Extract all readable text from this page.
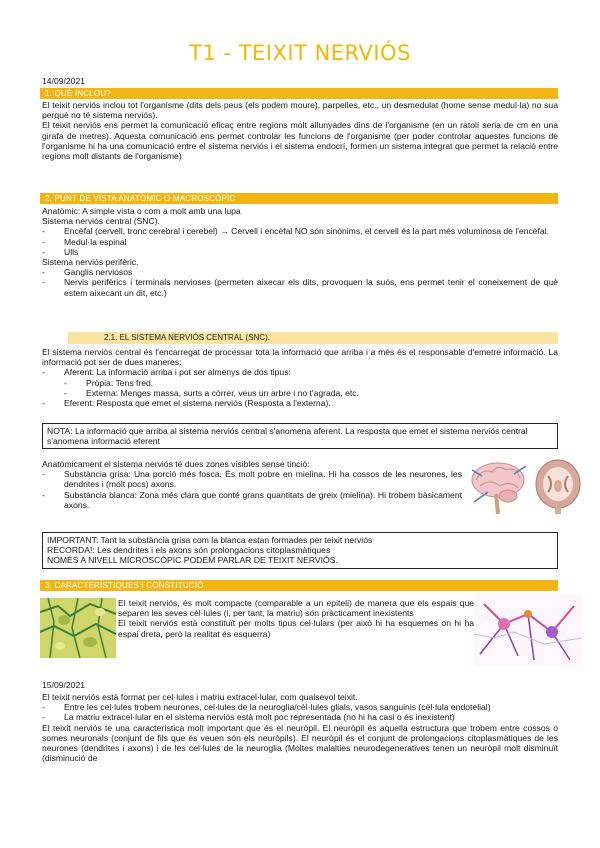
T1 - TEIXIT NERVIÓS
14/09/2021
1. QUÈ INCLOU?

El teixit nerviós inclou tot l'organisme (dits dels peus (els podem moure), parpelles, etc., un desmedulat (home sense medul·la) no sua perquè no té sistema nerviós).

El teixit nerviós ens permet la comunicació eficaç entre regions molt allunyades dins de l'organisme (en un ratolí seria de cm en una girafa de metres). Aquesta comunicació ens permet controlar les funcions de l'organisme (per poder controlar aquestes funcions de l'organisme hi ha una comunicació entre el sistema nerviós i el sistema endocrí, formen un sistema integrat que permet la relació entre regions molt distants de l'organisme)

2. PUNT DE VISTA ANATÒMIC O MACROSCÒPIC

Anatòmic: A simple vista o com a molt amb una lupa

Sistema nerviós central (SNC).

- Encèfal (cervell, tronc cerebral i cerebel) → Cervell i encèfal NO són sinònims, el cervell és la part més voluminosa de l'encèfal.

- Medul·la espinal

- Ulls

Sistema nerviós perifèric.

- Ganglis nerviosos

- Nervis perifèrics i terminals nervioses (permeten aixecar els dits, provoquen la suós, ens permet tenir el coneixement de què estem aixecant un dit, etc.)

2.1. EL SISTEMA NERVIÓS CENTRAL (SNC).

El sistema nerviós central és l'encarregat de processar tota la informació que arriba i a més és el responsable d'emetre informació. La informació pot ser de dues maneres:

- Aferent: La informació arriba i pot ser almenys de dos tipus:

- Pròpia: Tens fred.

- Externa: Menges massa, surts a córrer, veus un arbre i no t'agrada, etc.

- Eferent: Resposta que emet el sistema nerviós (Resposta a l'externa).

NOTA: La informació que arriba al sistema nerviós central s'anomena aferent. La resposta que emet el sistema nerviós central s'anomena informació eferent

Anatòmicament el sistema nerviós té dues zones visibles sense tinció:

- Substància grisa: Una porció més fosca. És molt pobre en mielina. Hi ha cossos de les neurones, les dendrites i (molt pocs) axons.

- Substància blanca: Zona més clara que conté grans quantitats de greix (mielina). Hi trobem bàsicament axons.

IMPORTANT: Tant la substància grisa com la blanca estan formades per teixit nerviós

RECORDA!: Les dendrites i els axons són prolongacions citoplasmàtiques

NOMÉS A NIVELL MICROSCÒPIC PODEM PARLAR DE TEIXIT NERVIÓS.

3. CARACTERÍSTIQUES I CONSTITUCIÓ

El teixit nerviós, és molt compacte (comparable a un epiteli) de manera que els espais que separen les seves cèl·lules (i, per tant, la matriu) són pràcticament inexistents

El teixit nerviós està constituït per molts tipus cel·lulars (per això hi ha esquemes on hi ha espai dreta, però la realitat és esquerra)

15/09/2021

El teixit nerviós està format per cel·lules i matriu extracel·lular, com qualsevol teixit.

- Entre les cel·lules trobem neurones, cel·lules de la neuroglia/cèl·lules glials, vasos sanguinis (cèl·lula endotelial)

- La matriu extracel·lular en el sistema nerviós està molt poc representada (no hi ha casi o és inexistent)

El teixit nerviós te una característica molt important que és el neuròpil. El neuròpil és aquella estructura que trobem entre cossos o somes neuronals (conjunt de fils que és veuen són els neuròpils). El neuròpil és el conjunt de prolongacions citoplasmàtiques de les neurones (dendrites i axons) i de les cel·lules de la neuroglia (Moltes malalties neurodegeneratives tenen un neuròpil molt disminuït (disminució de
